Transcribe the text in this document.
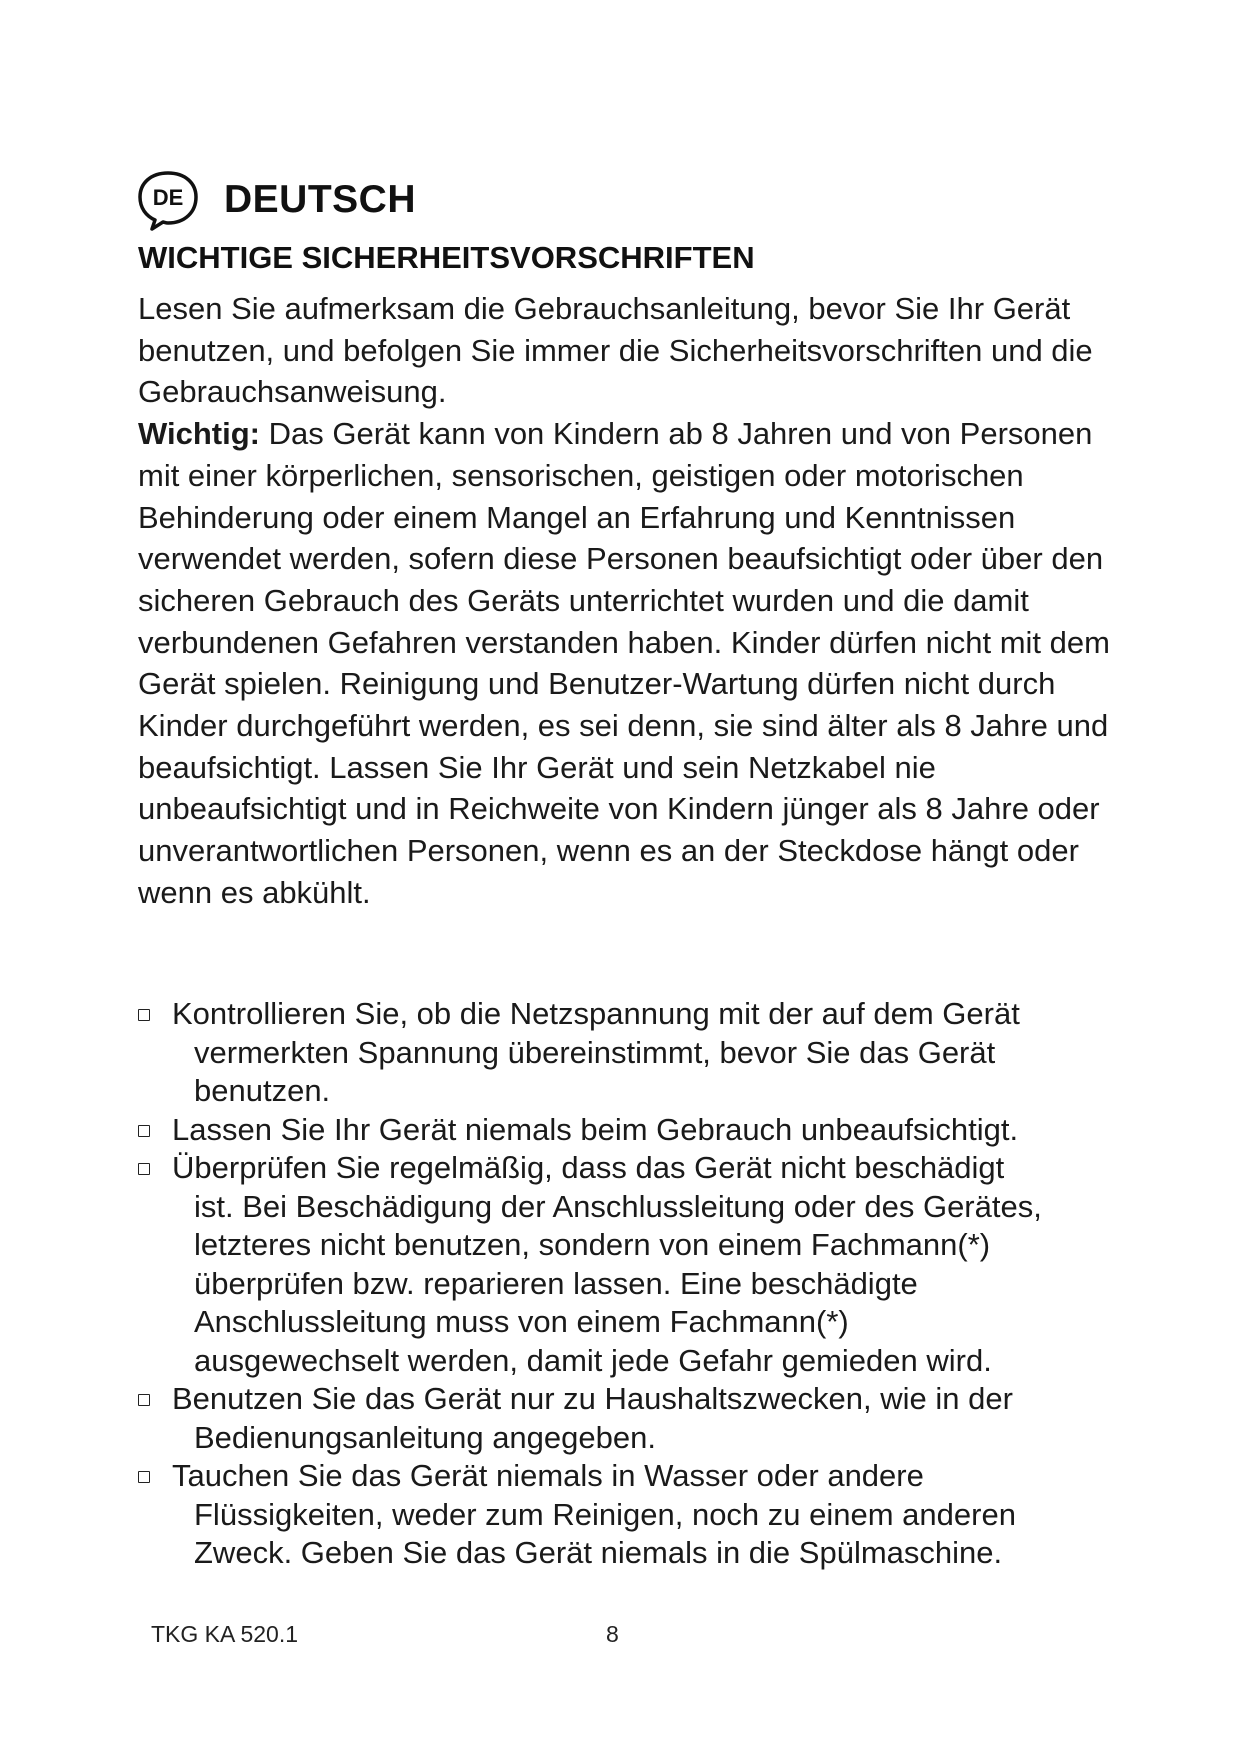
DE DEUTSCH
WICHTIGE SICHERHEITSVORSCHRIFTEN

Lesen Sie aufmerksam die Gebrauchsanleitung, bevor Sie Ihr Gerät benutzen, und befolgen Sie immer die Sicherheitsvorschriften und die Gebrauchsanweisung.

Wichtig: Das Gerät kann von Kindern ab 8 Jahren und von Personen mit einer körperlichen, sensorischen, geistigen oder motorischen Behinderung oder einem Mangel an Erfahrung und Kenntnissen verwendet werden, sofern diese Personen beaufsichtigt oder über den sicheren Gebrauch des Geräts unterrichtet wurden und die damit verbundenen Gefahren verstanden haben. Kinder dürfen nicht mit dem Gerät spielen. Reinigung und Benutzer-Wartung dürfen nicht durch Kinder durchgeführt werden, es sei denn, sie sind älter als 8 Jahre und beaufsichtigt. Lassen Sie Ihr Gerät und sein Netzkabel nie unbeaufsichtigt und in Reichweite von Kindern jünger als 8 Jahre oder unverantwortlichen Personen, wenn es an der Steckdose hängt oder wenn es abkühlt.

Kontrollieren Sie, ob die Netzspannung mit der auf dem Gerät
vermerkten Spannung übereinstimmt, bevor Sie das Gerät
benutzen.
Lassen Sie Ihr Gerät niemals beim Gebrauch unbeaufsichtigt.
Überprüfen Sie regelmäßig, dass das Gerät nicht beschädigt
ist. Bei Beschädigung der Anschlussleitung oder des Gerätes,
letzteres nicht benutzen, sondern von einem Fachmann(*)
überprüfen bzw. reparieren lassen. Eine beschädigte
Anschlussleitung muss von einem Fachmann(*)
ausgewechselt werden, damit jede Gefahr gemieden wird.
Benutzen Sie das Gerät nur zu Haushaltszwecken, wie in der
Bedienungsanleitung angegeben.
Tauchen Sie das Gerät niemals in Wasser oder andere
Flüssigkeiten, weder zum Reinigen, noch zu einem anderen
Zweck. Geben Sie das Gerät niemals in die Spülmaschine.
TKG KA 520.1	8
